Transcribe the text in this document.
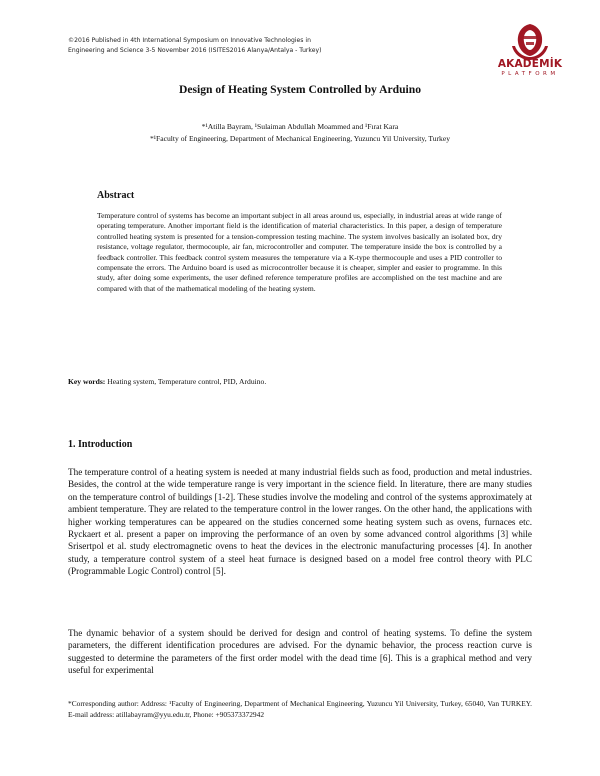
©2016 Published in 4th International Symposium on Innovative Technologies in
Engineering and Science 3-5 November 2016 (ISITES2016 Alanya/Antalya - Turkey)
AKADEMİK
PLATFORM
Design of Heating System Controlled by Arduino
*¹Atilla Bayram, ¹Sulaiman Abdullah Moammed and ¹Fırat Kara
*¹Faculty of Engineering, Department of Mechanical Engineering, Yuzuncu Yil University, Turkey
Abstract
Temperature control of systems has become an important subject in all areas around us, especially, in industrial areas at wide range of operating temperature. Another important field is the identification of material characteristics. In this paper, a design of temperature controlled heating system is presented for a tension-compression testing machine. The system involves basically an isolated box, dry resistance, voltage regulator, thermocouple, air fan, microcontroller and computer. The temperature inside the box is controlled by a feedback controller. This feedback control system measures the temperature via a K-type thermocouple and uses a PID controller to compensate the errors. The Arduino board is used as microcontroller because it is cheaper, simpler and easier to programme. In this study, after doing some experiments, the user defined reference temperature profiles are accomplished on the test machine and are compared with that of the mathematical modeling of the heating system.
Key words: Heating system, Temperature control, PID, Arduino.
1. Introduction

The temperature control of a heating system is needed at many industrial fields such as food, production and metal industries. Besides, the control at the wide temperature range is very important in the science field. In literature, there are many studies on the temperature control of buildings [1-2]. These studies involve the modeling and control of the systems approximately at ambient temperature. They are related to the temperature control in the lower ranges. On the other hand, the applications with higher working temperatures can be appeared on the studies concerned some heating system such as ovens, furnaces etc. Ryckaert et al. present a paper on improving the performance of an oven by some advanced control algorithms [3] while Srisertpol et al. study electromagnetic ovens to heat the devices in the electronic manufacturing processes [4]. In another study, a temperature control system of a steel heat furnace is designed based on a model free control theory with PLC (Programmable Logic Control) control [5].

The dynamic behavior of a system should be derived for design and control of heating systems. To define the system parameters, the different identification procedures are advised. For the dynamic behavior, the process reaction curve is suggested to determine the parameters of the first order model with the dead time [6]. This is a graphical method and very useful for experimental

*Corresponding author: Address: ¹Faculty of Engineering, Department of Mechanical Engineering, Yuzuncu Yil University, Turkey, 65040, Van TURKEY. E-mail address: atillabayram@yyu.edu.tr, Phone: +905373372942
